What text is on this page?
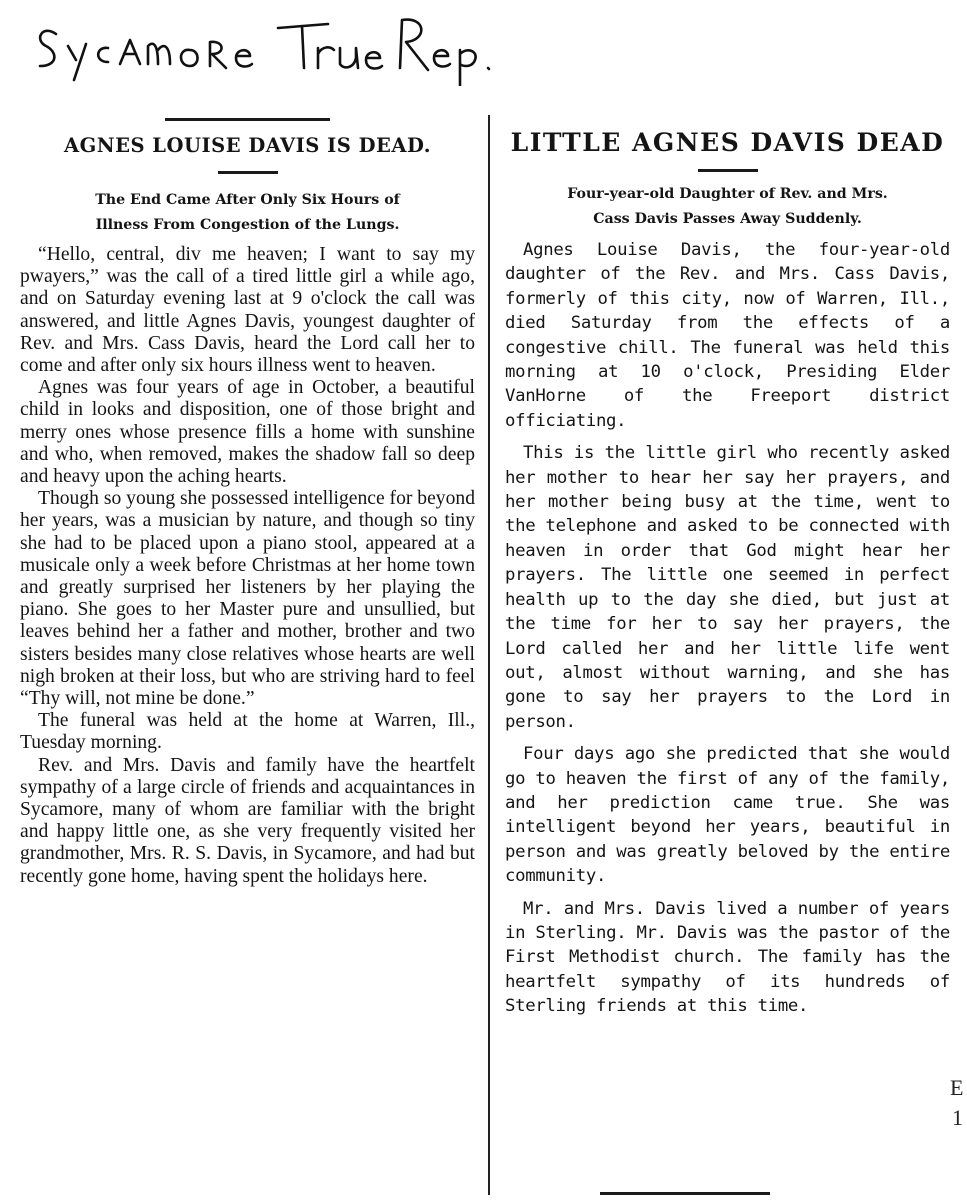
AGNES LOUISE DAVIS IS DEAD.

The End Came After Only Six Hours of
Illness From Congestion of the Lungs.

“Hello, central, div me heaven; I want to say my pwayers,” was the call of a tired little girl a while ago, and on Saturday evening last at 9 o'clock the call was answered, and little Agnes Davis, youngest daughter of Rev. and Mrs. Cass Davis, heard the Lord call her to come and after only six hours illness went to heaven.

Agnes was four years of age in October, a beautiful child in looks and disposition, one of those bright and merry ones whose presence fills a home with sunshine and who, when removed, makes the shadow fall so deep and heavy upon the aching hearts.

Though so young she possessed intelligence for beyond her years, was a musician by nature, and though so tiny she had to be placed upon a piano stool, appeared at a musicale only a week before Christmas at her home town and greatly surprised her listeners by her playing the piano. She goes to her Master pure and unsullied, but leaves behind her a father and mother, brother and two sisters besides many close relatives whose hearts are well nigh broken at their loss, but who are striving hard to feel “Thy will, not mine be done.”

The funeral was held at the home at Warren, Ill., Tuesday morning.

Rev. and Mrs. Davis and family have the heartfelt sympathy of a large circle of friends and acquaintances in Sycamore, many of whom are familiar with the bright and happy little one, as she very frequently visited her grandmother, Mrs. R. S. Davis, in Sycamore, and had but recently gone home, having spent the holidays here.

LITTLE AGNES DAVIS DEAD

Four-year-old Daughter of Rev. and Mrs.
Cass Davis Passes Away Suddenly.

Agnes Louise Davis, the four-year-old daughter of the Rev. and Mrs. Cass Davis, formerly of this city, now of Warren, Ill., died Saturday from the effects of a congestive chill. The funeral was held this morning at 10 o'clock, Presiding Elder VanHorne of the Freeport district officiating.

This is the little girl who recently asked her mother to hear her say her prayers, and her mother being busy at the time, went to the telephone and asked to be connected with heaven in order that God might hear her prayers. The little one seemed in perfect health up to the day she died, but just at the time for her to say her prayers, the Lord called her and her little life went out, almost without warning, and she has gone to say her prayers to the Lord in person.

Four days ago she predicted that she would go to heaven the first of any of the family, and her prediction came true. She was intelligent beyond her years, beautiful in person and was greatly beloved by the entire community.

Mr. and Mrs. Davis lived a number of years in Sterling. Mr. Davis was the pastor of the First Methodist church. The family has the heartfelt sympathy of its hundreds of Sterling friends at this time.

E
1
